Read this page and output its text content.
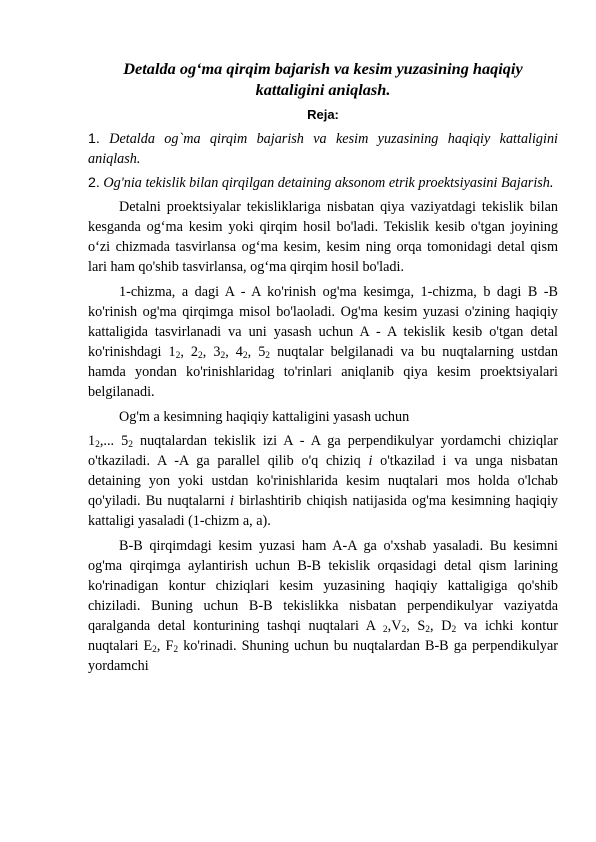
Detalda og‘ma qirqim bajarish va kesim yuzasining haqiqiy kattaligini aniqlash.
Reja:
1. Detalda og`ma qirqim bajarish va kesim yuzasining haqiqiy kattaligini aniqlash.
2. Og'nia tekislik bilan qirqilgan detaining aksonom etrik proektsiyasini Bajarish.
Detalni proektsiyalar tekisliklariga nisbatan qiya vaziyatdagi tekislik bilan kesganda og‘ma kesim yoki qirqim hosil bo'ladi. Tekislik kesib o'tgan joyining o‘zi chizmada tasvirlansa og‘ma kesim, kesim ning orqa tomonidagi detal qism lari ham qo'shib tasvirlansa, og‘ma qirqim hosil bo'ladi.
1-chizma, a dagi A - A ko'rinish og'ma kesimga, 1-chizma, b dagi B -B ko'rinish og'ma qirqimga misol bo'laoladi. Og'ma kesim yuzasi o'zining haqiqiy kattaligida tasvirlanadi va uni yasash uchun A - A tekislik kesib o'tgan detal ko'rinishdagi $1_2$, $2_2$, $3_2$, $4_2$, $5_2$ nuqtalar belgilanadi va bu nuqtalarning ustdan hamda yondan ko'rinishlaridag to'rinlari aniqlanib qiya kesim proektsiyalari belgilanadi.
Og'm a kesimning haqiqiy kattaligini yasash uchun
$1_2$,... $5_2$ nuqtalardan tekislik izi A - A ga perpendikulyar yordamchi chiziqlar o'tkaziladi. A -A ga parallel qilib o'q chiziq i o'tkazilad i va unga nisbatan detaining yon yoki ustdan ko'rinishlarida kesim nuqtalari mos holda o'lchab qo'yiladi. Bu nuqtalarni i birlashtirib chiqish natijasida og'ma kesimning haqiqiy kattaligi yasaladi (1-chizm a, a).
B-B qirqimdagi kesim yuzasi ham A-A ga o'xshab yasaladi. Bu kesimni og'ma qirqimga aylantirish uchun B-B tekislik orqasidagi detal qism larining ko'rinadigan kontur chiziqlari kesim yuzasining haqiqiy kattaligiga qo'shib chiziladi. Buning uchun B-B tekislikka nisbatan perpendikulyar vaziyatda qaralganda detal konturining tashqi nuqtalari A $_2,V_2$, $S_2$, $D_2$ va ichki kontur nuqtalari $E_2$, $F_2$ ko'rinadi. Shuning uchun bu nuqtalardan B-B ga perpendikulyar yordamchi
